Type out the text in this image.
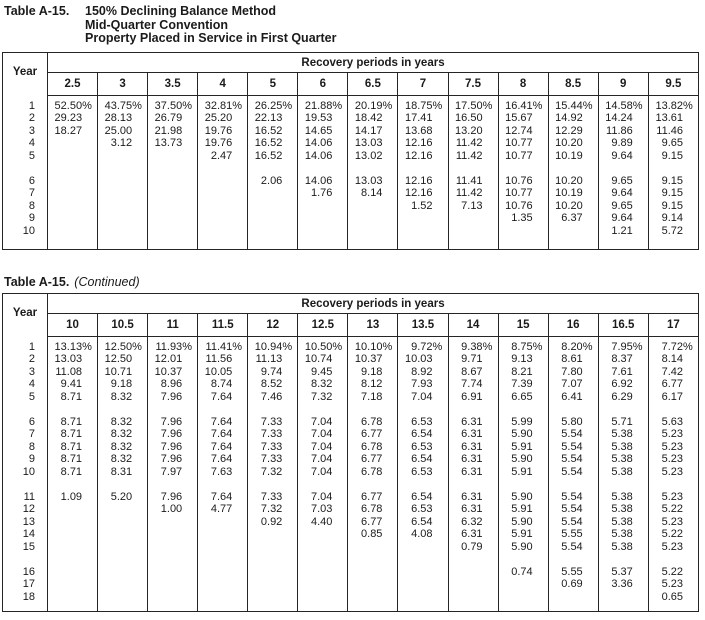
Table A-15.	150% Declining Balance Method
Mid-Quarter Convention
Property Placed in Service in First Quarter
Year	Recovery periods in years												
	2.5	3	3.5	4	5	6	6.5	7	7.5	8	8.5	9	9.5

1	52.50%	43.75%	37.50%	32.81%	26.25%	21.88%	20.19%	18.75%	17.50%	16.41%	15.44%	14.58%	13.82%
2	29.23	28.13	26.79	25.20	22.13	19.53	18.42	17.41	16.50	15.67	14.92	14.24	13.61
3	18.27	25.00	21.98	19.76	16.52	14.65	14.17	13.68	13.20	12.74	12.29	11.86	11.46
4		3.12	13.73	19.76	16.52	14.06	13.03	12.16	11.42	10.77	10.20	9.89	9.65
5				2.47	16.52	14.06	13.02	12.16	11.42	10.77	10.19	9.64	9.15

6					2.06	14.06	13.03	12.16	11.41	10.76	10.20	9.65	9.15
7						1.76	8.14	12.16	11.42	10.77	10.19	9.64	9.15
8								1.52	7.13	10.76	10.20	9.65	9.15
9										1.35	6.37	9.64	9.14
10												1.21	5.72

Table A-15. (Continued)
Year	Recovery periods in years												
	10	10.5	11	11.5	12	12.5	13	13.5	14	15	16	16.5	17

1	13.13%	12.50%	11.93%	11.41%	10.94%	10.50%	10.10%	9.72%	9.38%	8.75%	8.20%	7.95%	7.72%
2	13.03	12.50	12.01	11.56	11.13	10.74	10.37	10.03	9.71	9.13	8.61	8.37	8.14
3	11.08	10.71	10.37	10.05	9.74	9.45	9.18	8.92	8.67	8.21	7.80	7.61	7.42
4	9.41	9.18	8.96	8.74	8.52	8.32	8.12	7.93	7.74	7.39	7.07	6.92	6.77
5	8.71	8.32	7.96	7.64	7.46	7.32	7.18	7.04	6.91	6.65	6.41	6.29	6.17

6	8.71	8.32	7.96	7.64	7.33	7.04	6.78	6.53	6.31	5.99	5.80	5.71	5.63
7	8.71	8.32	7.96	7.64	7.33	7.04	6.77	6.54	6.31	5.90	5.54	5.38	5.23
8	8.71	8.32	7.96	7.64	7.33	7.04	6.78	6.53	6.31	5.91	5.54	5.38	5.23
9	8.71	8.32	7.96	7.64	7.33	7.04	6.77	6.54	6.31	5.90	5.54	5.38	5.23
10	8.71	8.31	7.97	7.63	7.32	7.04	6.78	6.53	6.31	5.91	5.54	5.38	5.23

11	1.09	5.20	7.96	7.64	7.33	7.04	6.77	6.54	6.31	5.90	5.54	5.38	5.23
12			1.00	4.77	7.32	7.03	6.78	6.53	6.31	5.91	5.54	5.38	5.22
13					0.92	4.40	6.77	6.54	6.32	5.90	5.54	5.38	5.23
14							0.85	4.08	6.31	5.91	5.55	5.38	5.22
15									0.79	5.90	5.54	5.38	5.23

16										0.74	5.55	5.37	5.22
17											0.69	3.36	5.23
18													0.65
